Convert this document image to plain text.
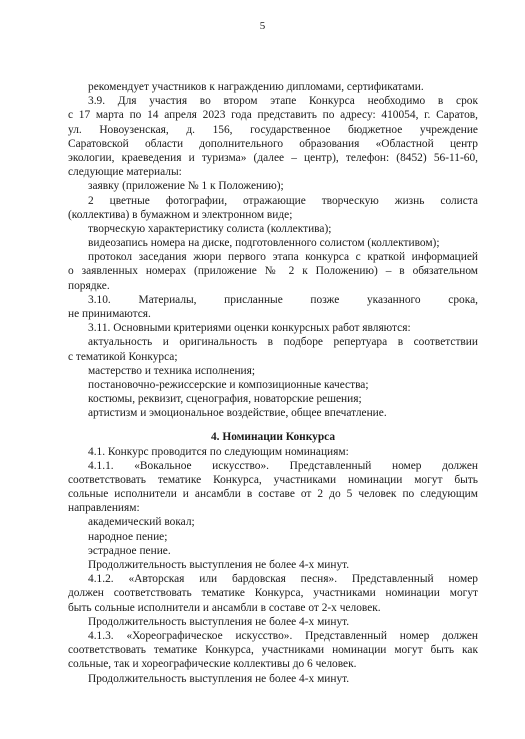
5
рекомендует участников к награждению дипломами, сертификатами.
3.9. Для участия во втором этапе Конкурса необходимо в срок
с 17 марта по 14 апреля 2023 года представить по адресу: 410054, г. Саратов,
ул. Новоузенская, д. 156, государственное бюджетное учреждение
Саратовской области дополнительного образования «Областной центр
экологии, краеведения и туризма» (далее – центр), телефон: (8452) 56-11-60,
следующие материалы:
заявку (приложение № 1 к Положению);
2 цветные фотографии, отражающие творческую жизнь солиста
(коллектива) в бумажном и электронном виде;
творческую характеристику солиста (коллектива);
видеозапись номера на диске, подготовленного солистом (коллективом);
протокол заседания жюри первого этапа конкурса с краткой информацией
о заявленных номерах (приложение № 2 к Положению) – в обязательном
порядке.
3.10. Материалы, присланные позже указанного срока,
не принимаются.
3.11. Основными критериями оценки конкурсных работ являются:
актуальность и оригинальность в подборе репертуара в соответствии
с тематикой Конкурса;
мастерство и техника исполнения;
постановочно-режиссерские и композиционные качества;
костюмы, реквизит, сценография, новаторские решения;
артистизм и эмоциональное воздействие, общее впечатление.
4. Номинации Конкурса
4.1. Конкурс проводится по следующим номинациям:
4.1.1. «Вокальное искусство». Представленный номер должен
соответствовать тематике Конкурса, участниками номинации могут быть
сольные исполнители и ансамбли в составе от 2 до 5 человек по следующим
направлениям:
академический вокал;
народное пение;
эстрадное пение.
Продолжительность выступления не более 4-х минут.
4.1.2. «Авторская или бардовская песня». Представленный номер
должен соответствовать тематике Конкурса, участниками номинации могут
быть сольные исполнители и ансамбли в составе от 2-х человек.
Продолжительность выступления не более 4-х минут.
4.1.3. «Хореографическое искусство». Представленный номер должен
соответствовать тематике Конкурса, участниками номинации могут быть как
сольные, так и хореографические коллективы до 6 человек.
Продолжительность выступления не более 4-х минут.
